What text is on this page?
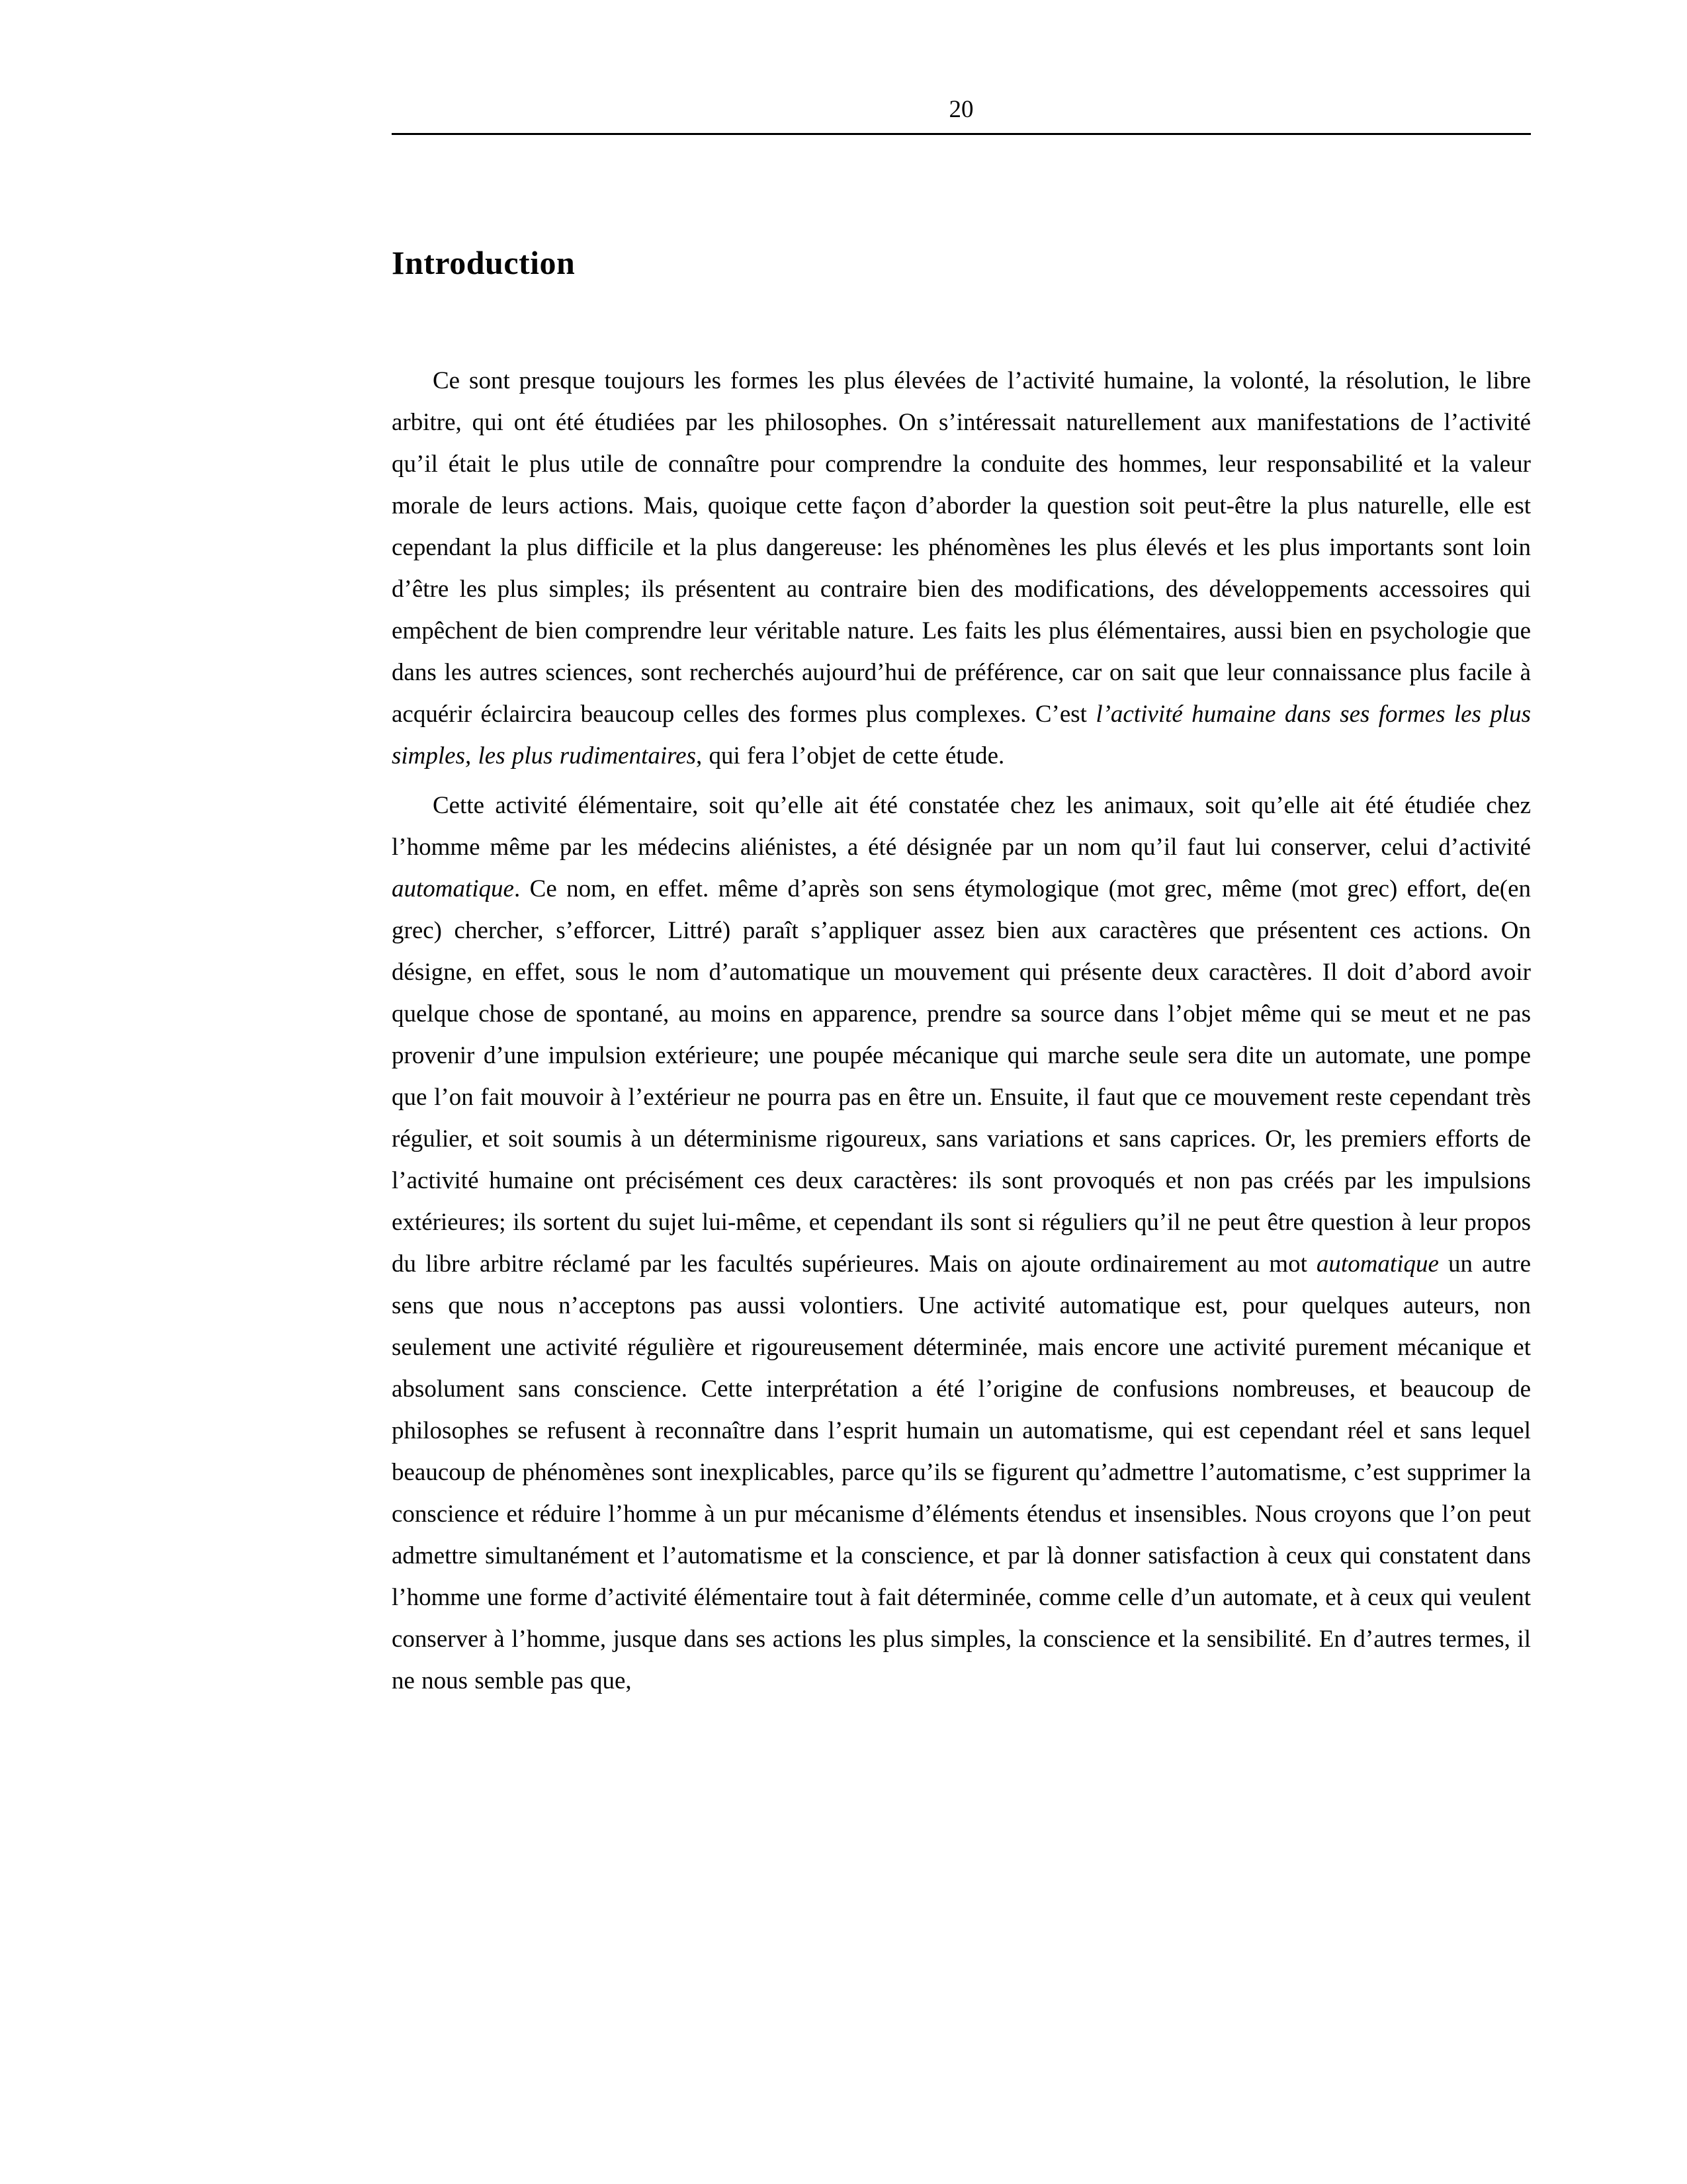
20
Introduction

Ce sont presque toujours les formes les plus élevées de l’activité humaine, la volonté, la résolution, le libre arbitre, qui ont été étudiées par les philosophes. On s’intéressait naturellement aux manifestations de l’activité qu’il était le plus utile de connaître pour comprendre la conduite des hommes, leur responsabilité et la valeur morale de leurs actions. Mais, quoique cette façon d’aborder la question soit peut-être la plus naturelle, elle est cependant la plus difficile et la plus dangereuse: les phénomènes les plus élevés et les plus importants sont loin d’être les plus simples; ils présentent au contraire bien des modifications, des développements accessoires qui empêchent de bien comprendre leur véritable nature. Les faits les plus élémentaires, aussi bien en psychologie que dans les autres sciences, sont recherchés aujourd’hui de préférence, car on sait que leur connaissance plus facile à acquérir éclaircira beaucoup celles des formes plus complexes. C’est l’activité humaine dans ses formes les plus simples, les plus rudimentaires, qui fera l’objet de cette étude.

Cette activité élémentaire, soit qu’elle ait été constatée chez les animaux, soit qu’elle ait été étudiée chez l’homme même par les médecins aliénistes, a été désignée par un nom qu’il faut lui conserver, celui d’activité automatique. Ce nom, en effet. même d’après son sens étymologique (mot grec, même (mot grec) effort, de(en grec) chercher, s’efforcer, Littré) paraît s’appliquer assez bien aux caractères que présentent ces actions. On désigne, en effet, sous le nom d’automatique un mouvement qui présente deux caractères. Il doit d’abord avoir quelque chose de spontané, au moins en apparence, prendre sa source dans l’objet même qui se meut et ne pas provenir d’une impulsion extérieure; une poupée mécanique qui marche seule sera dite un automate, une pompe que l’on fait mouvoir à l’extérieur ne pourra pas en être un. Ensuite, il faut que ce mouvement reste cependant très régulier, et soit soumis à un déterminisme rigoureux, sans variations et sans caprices. Or, les premiers efforts de l’activité humaine ont précisément ces deux caractères: ils sont provoqués et non pas créés par les impulsions extérieures; ils sortent du sujet lui-même, et cependant ils sont si réguliers qu’il ne peut être question à leur propos du libre arbitre réclamé par les facultés supérieures. Mais on ajoute ordinairement au mot automatique un autre sens que nous n’acceptons pas aussi volontiers. Une activité automatique est, pour quelques auteurs, non seulement une activité régulière et rigoureusement déterminée, mais encore une activité purement mécanique et absolument sans conscience. Cette interprétation a été l’origine de confusions nombreuses, et beaucoup de philosophes se refusent à reconnaître dans l’esprit humain un automatisme, qui est cependant réel et sans lequel beaucoup de phénomènes sont inexplicables, parce qu’ils se figurent qu’admettre l’automatisme, c’est supprimer la conscience et réduire l’homme à un pur mécanisme d’éléments étendus et insensibles. Nous croyons que l’on peut admettre simultanément et l’automatisme et la conscience, et par là donner satisfaction à ceux qui constatent dans l’homme une forme d’activité élémentaire tout à fait déterminée, comme celle d’un automate, et à ceux qui veulent conserver à l’homme, jusque dans ses actions les plus simples, la conscience et la sensibilité. En d’autres termes, il ne nous semble pas que,
